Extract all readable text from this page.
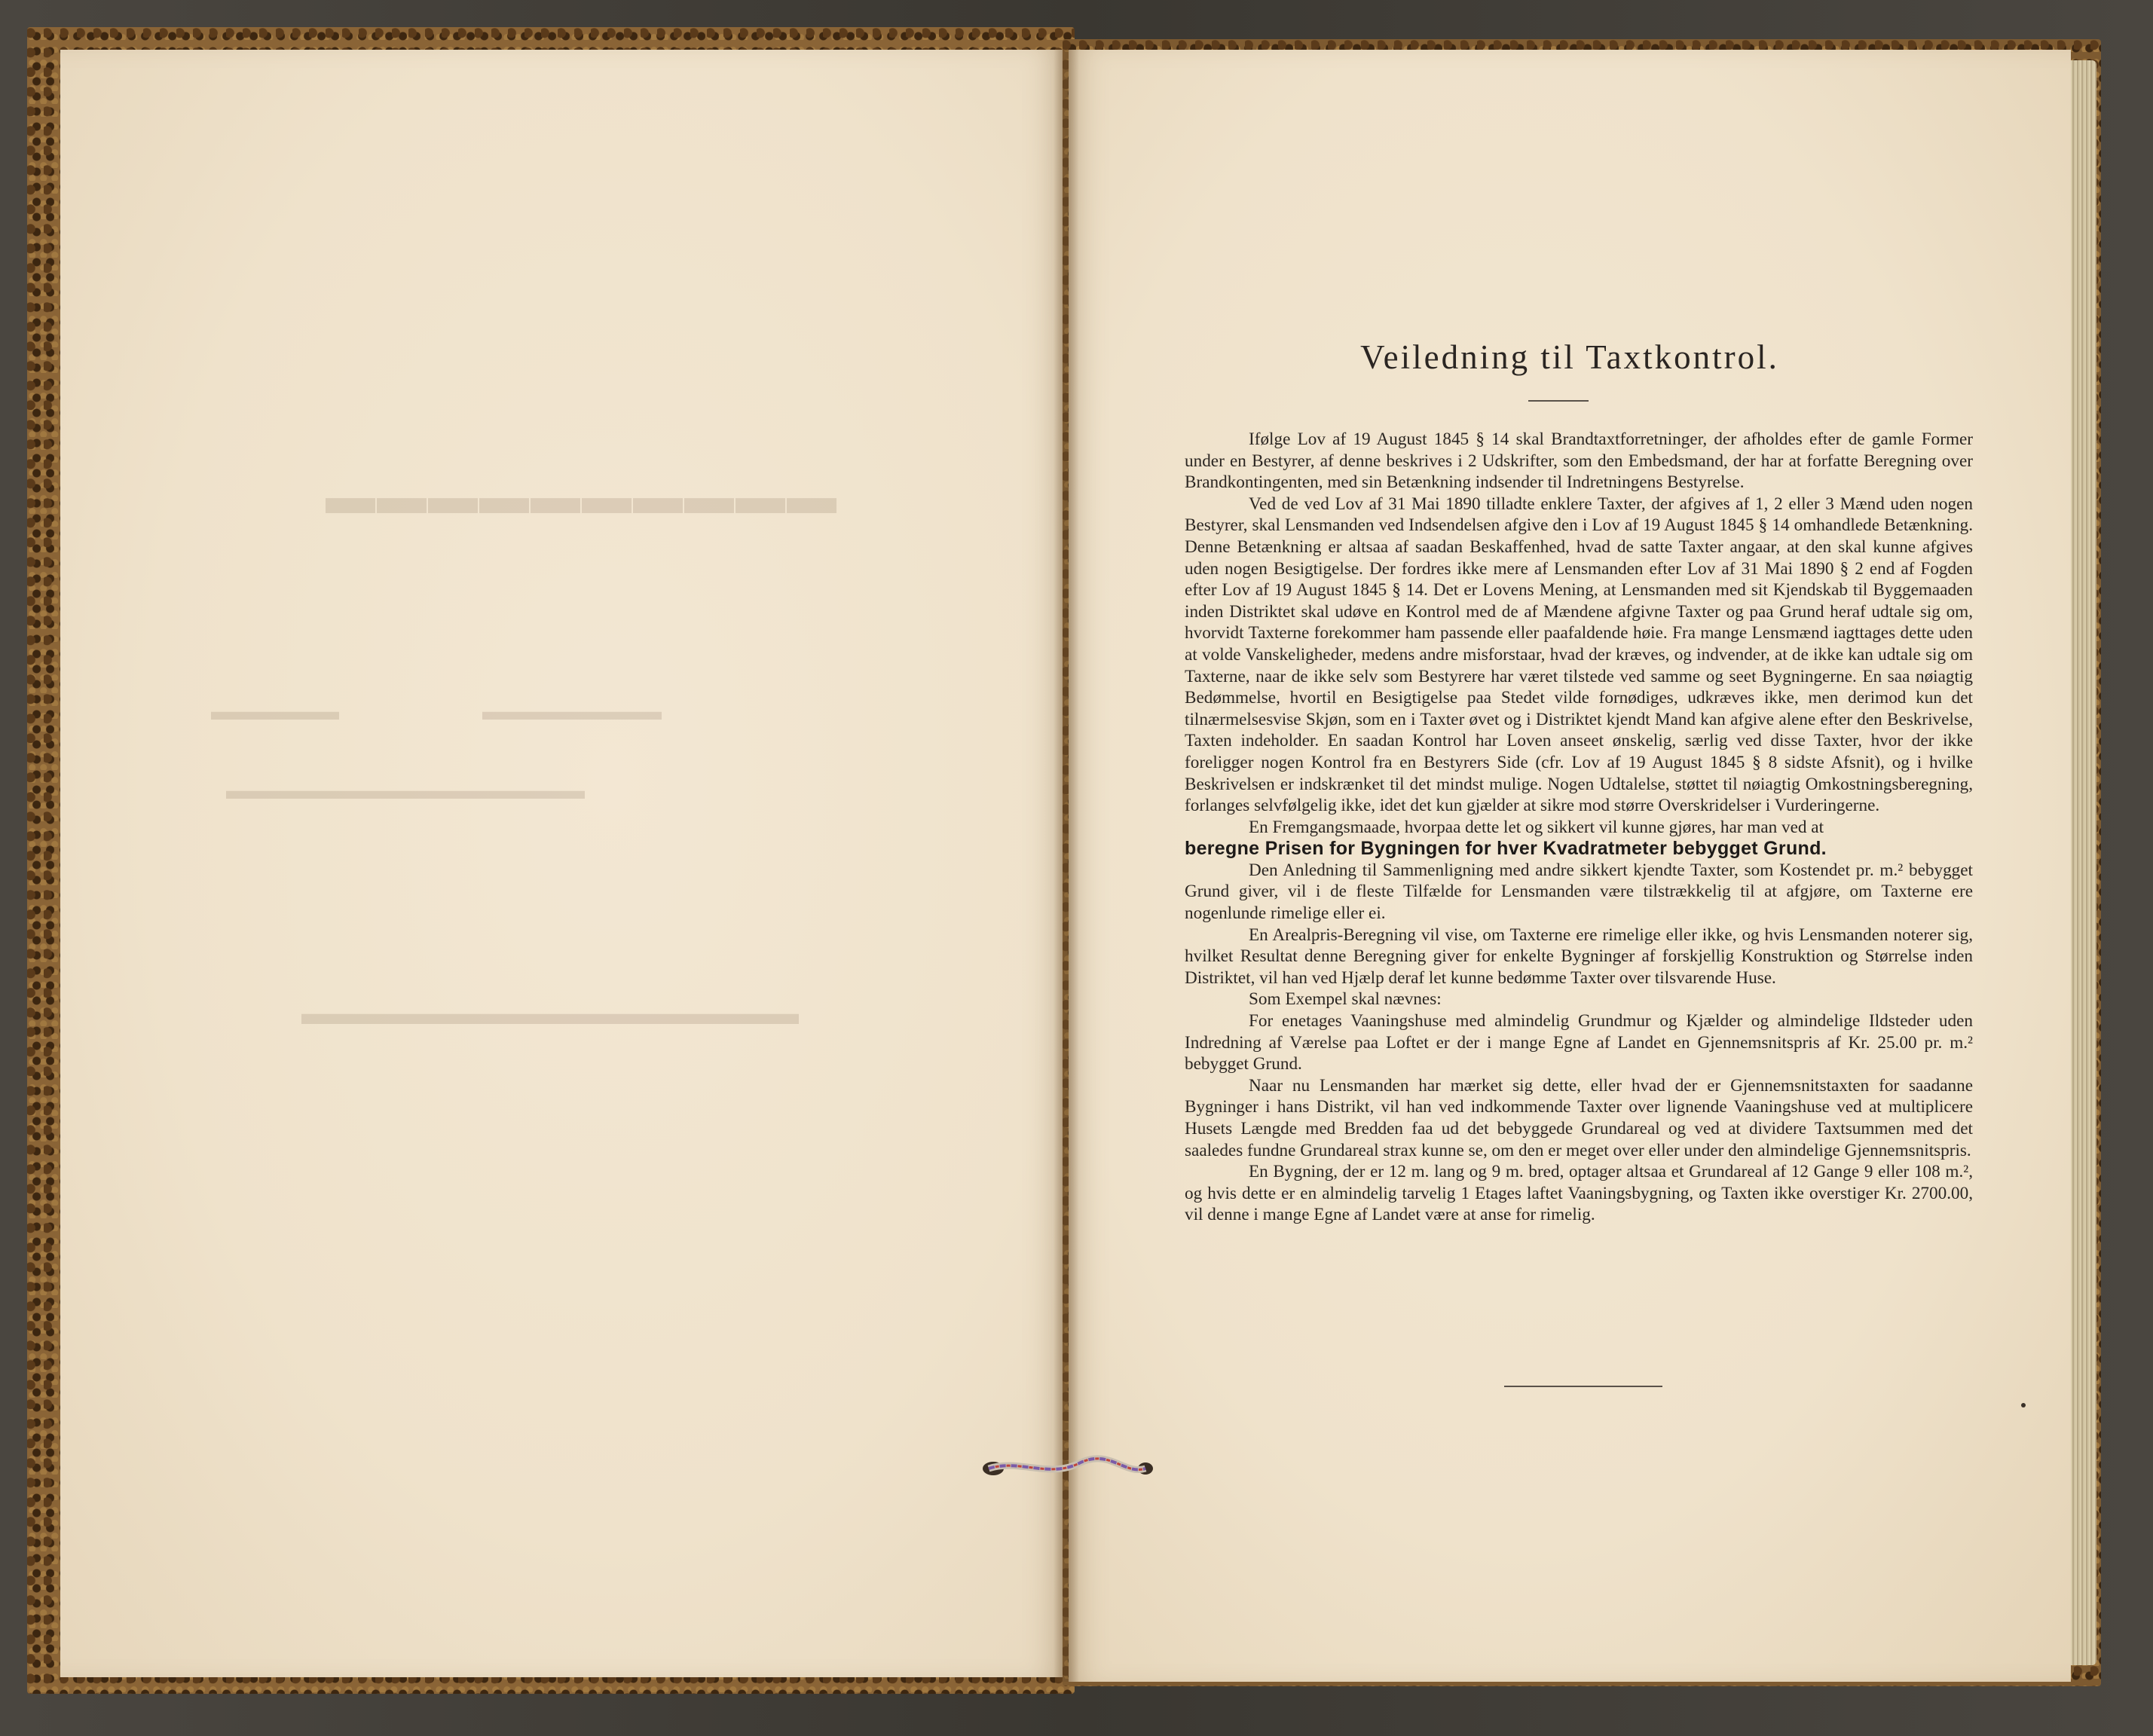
▬▬▬▬▬▬▬▬▬▬
▬▬▬▬▬	▬▬▬▬▬▬▬
▬▬▬▬▬▬▬▬▬▬▬▬▬▬
▬▬▬▬▬▬▬▬▬▬▬▬▬▬▬
Veiledning til Taxtkontrol.

Ifølge Lov af 19 August 1845 § 14 skal Brandtaxtforretninger, der afholdes efter de gamle Former under en Bestyrer, af denne beskrives i 2 Udskrifter, som den Embedsmand, der har at forfatte Beregning over Brandkontingenten, med sin Betænkning indsender til Indretningens Bestyrelse.

Ved de ved Lov af 31 Mai 1890 tilladte enklere Taxter, der afgives af 1, 2 eller 3 Mænd uden nogen Bestyrer, skal Lensmanden ved Indsendelsen afgive den i Lov af 19 August 1845 § 14 omhandlede Betænkning. Denne Betænkning er altsaa af saadan Beskaffenhed, hvad de satte Taxter angaar, at den skal kunne afgives uden nogen Besigtigelse. Der fordres ikke mere af Lensmanden efter Lov af 31 Mai 1890 § 2 end af Fogden efter Lov af 19 August 1845 § 14. Det er Lovens Mening, at Lensmanden med sit Kjendskab til Byggemaaden inden Distriktet skal udøve en Kontrol med de af Mændene afgivne Taxter og paa Grund heraf udtale sig om, hvorvidt Taxterne forekommer ham passende eller paafaldende høie. Fra mange Lensmænd iagttages dette uden at volde Vanskeligheder, medens andre misforstaar, hvad der kræves, og indvender, at de ikke kan udtale sig om Taxterne, naar de ikke selv som Bestyrere har været tilstede ved samme og seet Bygningerne. En saa nøiagtig Bedømmelse, hvortil en Besigtigelse paa Stedet vilde fornødiges, udkræves ikke, men derimod kun det tilnærmelsesvise Skjøn, som en i Taxter øvet og i Distriktet kjendt Mand kan afgive alene efter den Beskrivelse, Taxten indeholder. En saadan Kontrol har Loven anseet ønskelig, særlig ved disse Taxter, hvor der ikke foreligger nogen Kontrol fra en Bestyrers Side (cfr. Lov af 19 August 1845 § 8 sidste Afsnit), og i hvilke Beskrivelsen er indskrænket til det mindst mulige. Nogen Udtalelse, støttet til nøiagtig Omkostningsberegning, forlanges selvfølgelig ikke, idet det kun gjælder at sikre mod større Overskridelser i Vurderingerne.

En Fremgangsmaade, hvorpaa dette let og sikkert vil kunne gjøres, har man ved at

beregne Prisen for Bygningen for hver Kvadratmeter bebygget Grund.

Den Anledning til Sammenligning med andre sikkert kjendte Taxter, som Kostendet pr. m.² bebygget Grund giver, vil i de fleste Tilfælde for Lensmanden være tilstrækkelig til at afgjøre, om Taxterne ere nogenlunde rimelige eller ei.

En Arealpris-Beregning vil vise, om Taxterne ere rimelige eller ikke, og hvis Lensmanden noterer sig, hvilket Resultat denne Beregning giver for enkelte Bygninger af forskjellig Konstruktion og Størrelse inden Distriktet, vil han ved Hjælp deraf let kunne bedømme Taxter over tilsvarende Huse.

Som Exempel skal nævnes:

For enetages Vaaningshuse med almindelig Grundmur og Kjælder og almindelige Ildsteder uden Indredning af Værelse paa Loftet er der i mange Egne af Landet en Gjennemsnitspris af Kr. 25.00 pr. m.² bebygget Grund.

Naar nu Lensmanden har mærket sig dette, eller hvad der er Gjennemsnitstaxten for saadanne Bygninger i hans Distrikt, vil han ved indkommende Taxter over lignende Vaaningshuse ved at multiplicere Husets Længde med Bredden faa ud det bebyggede Grundareal og ved at dividere Taxtsummen med det saaledes fundne Grundareal strax kunne se, om den er meget over eller under den almindelige Gjennemsnitspris.

En Bygning, der er 12 m. lang og 9 m. bred, optager altsaa et Grundareal af 12 Gange 9 eller 108 m.², og hvis dette er en almindelig tarvelig 1 Etages laftet Vaaningsbygning, og Taxten ikke overstiger Kr. 2700.00, vil denne i mange Egne af Landet være at anse for rimelig.
